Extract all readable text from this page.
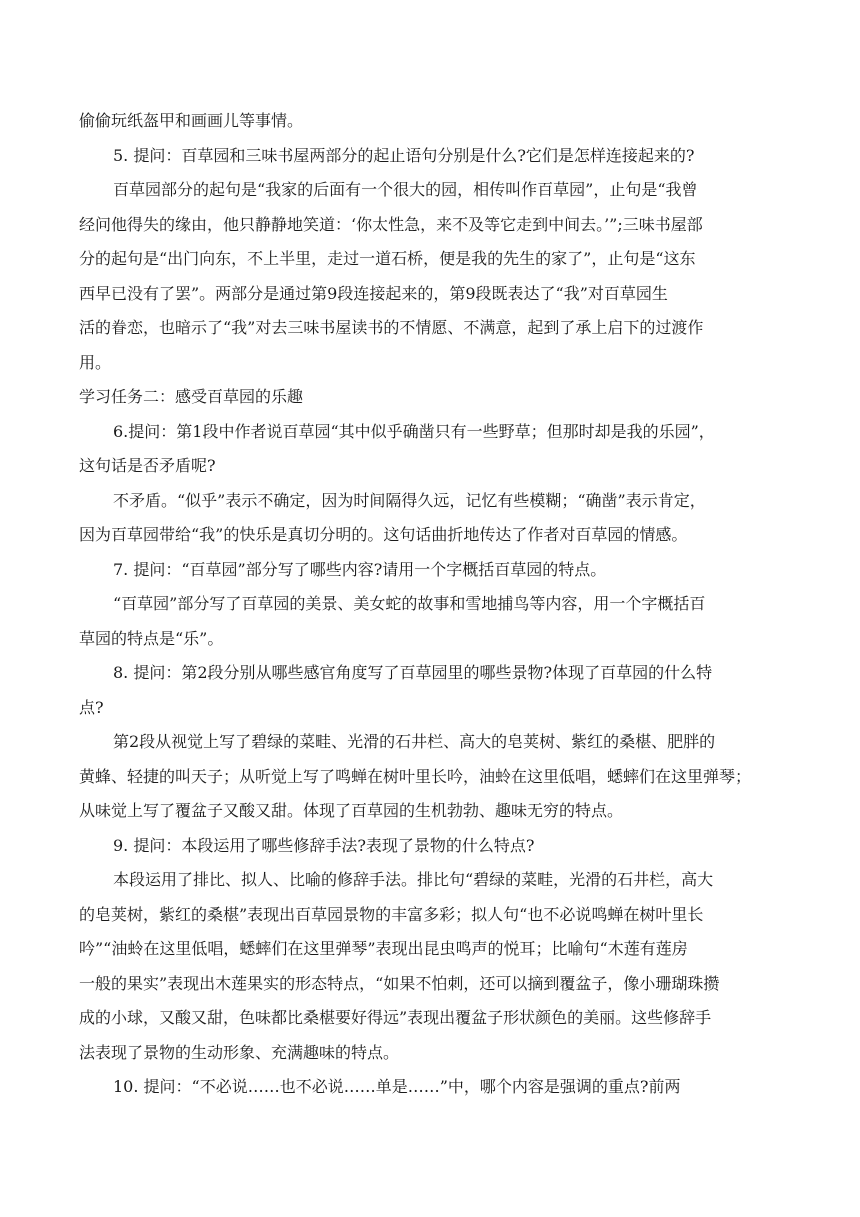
偷偷玩纸盔甲和画画儿等事情。
5. 提问：百草园和三味书屋两部分的起止语句分别是什么?它们是怎样连接起来的?
百草园部分的起句是“我家的后面有一个很大的园，相传叫作百草园”，止句是“我曾
经问他得失的缘由，他只静静地笑道：‘你太性急，来不及等它走到中间去。’”;三味书屋部
分的起句是“出门向东，不上半里，走过一道石桥，便是我的先生的家了”，止句是“这东
西早已没有了罢”。两部分是通过第9段连接起来的，第9段既表达了“我”对百草园生
活的眷恋，也暗示了“我”对去三味书屋读书的不情愿、不满意，起到了承上启下的过渡作
用。
学习任务二：感受百草园的乐趣
6.提问：第1段中作者说百草园“其中似乎确凿只有一些野草；但那时却是我的乐园”，
这句话是否矛盾呢?
不矛盾。“似乎”表示不确定，因为时间隔得久远，记忆有些模糊；“确凿”表示肯定，
因为百草园带给“我”的快乐是真切分明的。这句话曲折地传达了作者对百草园的情感。
7. 提问：“百草园”部分写了哪些内容?请用一个字概括百草园的特点。
“百草园”部分写了百草园的美景、美女蛇的故事和雪地捕鸟等内容，用一个字概括百
草园的特点是“乐”。
8. 提问：第2段分别从哪些感官角度写了百草园里的哪些景物?体现了百草园的什么特
点?
第2段从视觉上写了碧绿的菜畦、光滑的石井栏、高大的皂荚树、紫红的桑椹、肥胖的
黄蜂、轻捷的叫天子；从听觉上写了鸣蝉在树叶里长吟，油蛉在这里低唱，蟋蟀们在这里弹琴；
从味觉上写了覆盆子又酸又甜。体现了百草园的生机勃勃、趣味无穷的特点。
9. 提问：本段运用了哪些修辞手法?表现了景物的什么特点?
本段运用了排比、拟人、比喻的修辞手法。排比句“碧绿的菜畦，光滑的石井栏，高大
的皂荚树，紫红的桑椹”表现出百草园景物的丰富多彩；拟人句“也不必说鸣蝉在树叶里长
吟”“油蛉在这里低唱，蟋蟀们在这里弹琴”表现出昆虫鸣声的悦耳；比喻句“木莲有莲房
一般的果实”表现出木莲果实的形态特点，“如果不怕刺，还可以摘到覆盆子，像小珊瑚珠攒
成的小球，又酸又甜，色味都比桑椹要好得远”表现出覆盆子形状颜色的美丽。这些修辞手
法表现了景物的生动形象、充满趣味的特点。
10. 提问：“不必说……也不必说……单是……”中，哪个内容是强调的重点?前两
